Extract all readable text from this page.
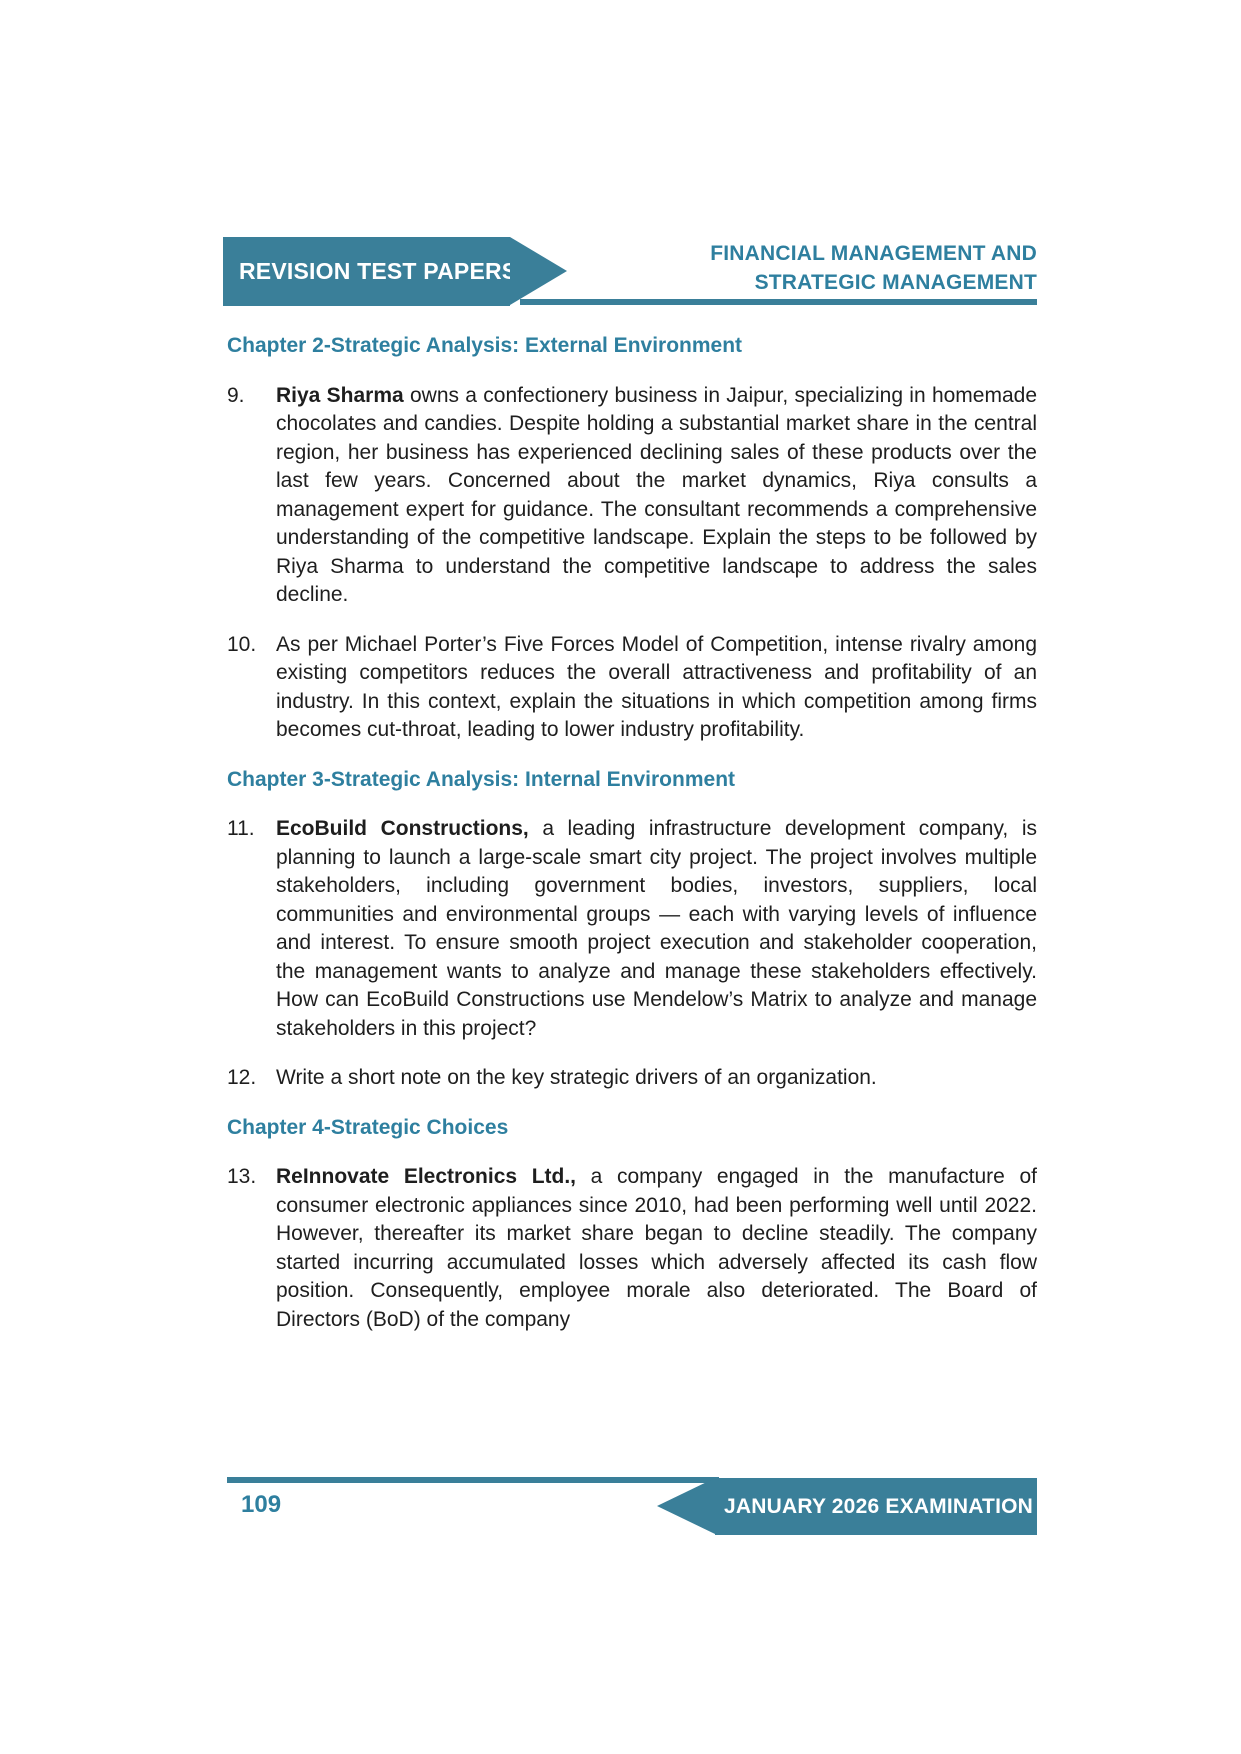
REVISION TEST PAPERS
FINANCIAL MANAGEMENT AND
STRATEGIC MANAGEMENT
Chapter 2-Strategic Analysis: External Environment
9. Riya Sharma owns a confectionery business in Jaipur, specializing in homemade chocolates and candies. Despite holding a substantial market share in the central region, her business has experienced declining sales of these products over the last few years. Concerned about the market dynamics, Riya consults a management expert for guidance. The consultant recommends a comprehensive understanding of the competitive landscape. Explain the steps to be followed by Riya Sharma to understand the competitive landscape to address the sales decline.

10. As per Michael Porter’s Five Forces Model of Competition, intense rivalry among existing competitors reduces the overall attractiveness and profitability of an industry. In this context, explain the situations in which competition among firms becomes cut-throat, leading to lower industry profitability.

Chapter 3-Strategic Analysis: Internal Environment
11. EcoBuild Constructions, a leading infrastructure development company, is planning to launch a large-scale smart city project. The project involves multiple stakeholders, including government bodies, investors, suppliers, local communities and environmental groups — each with varying levels of influence and interest. To ensure smooth project execution and stakeholder cooperation, the management wants to analyze and manage these stakeholders effectively. How can EcoBuild Constructions use Mendelow’s Matrix to analyze and manage stakeholders in this project?

12. Write a short note on the key strategic drivers of an organization.

Chapter 4-Strategic Choices
13. ReInnovate Electronics Ltd., a company engaged in the manufacture of consumer electronic appliances since 2010, had been performing well until 2022. However, thereafter its market share began to decline steadily. The company started incurring accumulated losses which adversely affected its cash flow position. Consequently, employee morale also deteriorated. The Board of Directors (BoD) of the company

109	JANUARY 2026 EXAMINATION
